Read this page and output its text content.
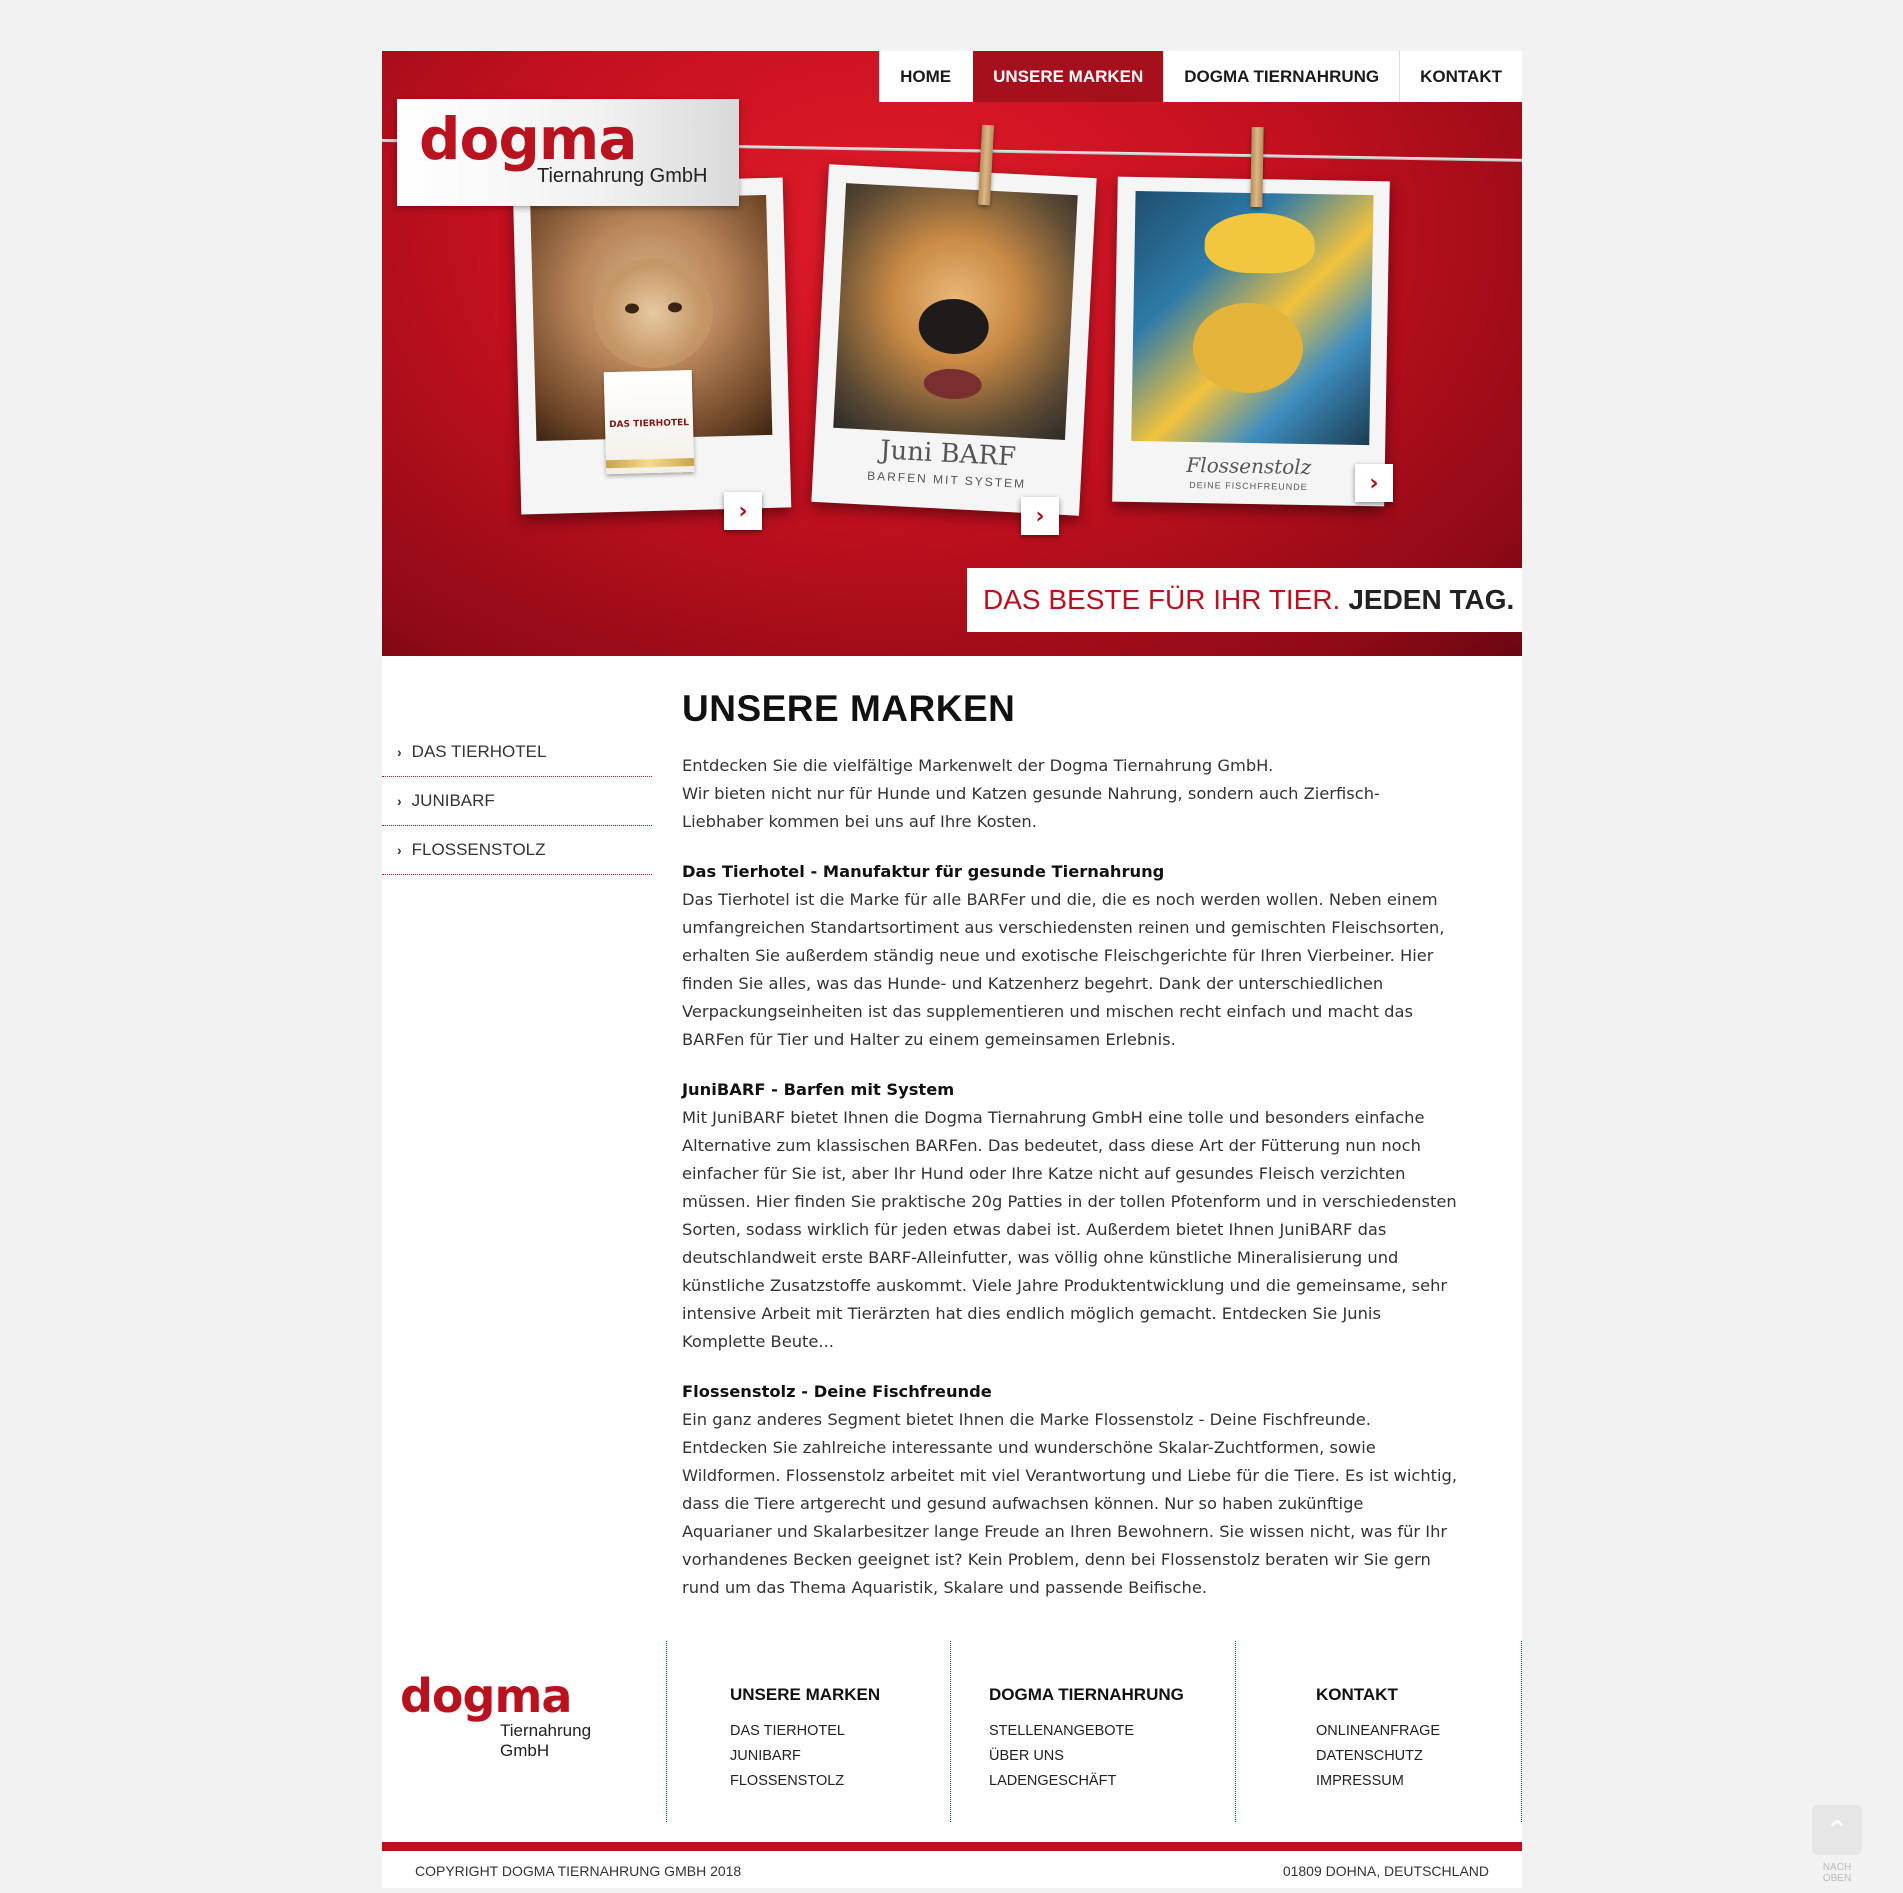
DAS TIERHOTEL
Juni BARF
BARFEN MIT SYSTEM
Flossenstolz
DEINE FISCHFREUNDE
›	›
›
dogma
Tiernahrung GmbH
HOME	UNSERE MARKEN	DOGMA TIERNAHRUNG	KONTAKT
DAS BESTE FÜR IHR TIER. JEDEN TAG.
› DAS TIERHOTEL
› JUNIBARF
› FLOSSENSTOLZ
UNSERE MARKEN

Entdecken Sie die vielfältige Markenwelt der Dogma Tiernahrung GmbH.
Wir bieten nicht nur für Hunde und Katzen gesunde Nahrung, sondern auch Zierfisch-
Liebhaber kommen bei uns auf Ihre Kosten.

Das Tierhotel - Manufaktur für gesunde Tiernahrung
Das Tierhotel ist die Marke für alle BARFer und die, die es noch werden wollen. Neben einem
umfangreichen Standartsortiment aus verschiedensten reinen und gemischten Fleischsorten,
erhalten Sie außerdem ständig neue und exotische Fleischgerichte für Ihren Vierbeiner. Hier
finden Sie alles, was das Hunde- und Katzenherz begehrt. Dank der unterschiedlichen
Verpackungseinheiten ist das supplementieren und mischen recht einfach und macht das
BARFen für Tier und Halter zu einem gemeinsamen Erlebnis.

JuniBARF - Barfen mit System
Mit JuniBARF bietet Ihnen die Dogma Tiernahrung GmbH eine tolle und besonders einfache
Alternative zum klassischen BARFen. Das bedeutet, dass diese Art der Fütterung nun noch
einfacher für Sie ist, aber Ihr Hund oder Ihre Katze nicht auf gesundes Fleisch verzichten
müssen. Hier finden Sie praktische 20g Patties in der tollen Pfotenform und in verschiedensten
Sorten, sodass wirklich für jeden etwas dabei ist. Außerdem bietet Ihnen JuniBARF das
deutschlandweit erste BARF-Alleinfutter, was völlig ohne künstliche Mineralisierung und
künstliche Zusatzstoffe auskommt. Viele Jahre Produktentwicklung und die gemeinsame, sehr
intensive Arbeit mit Tierärzten hat dies endlich möglich gemacht. Entdecken Sie Junis
Komplette Beute...

Flossenstolz - Deine Fischfreunde
Ein ganz anderes Segment bietet Ihnen die Marke Flossenstolz - Deine Fischfreunde.
Entdecken Sie zahlreiche interessante und wunderschöne Skalar-Zuchtformen, sowie
Wildformen. Flossenstolz arbeitet mit viel Verantwortung und Liebe für die Tiere. Es ist wichtig,
dass die Tiere artgerecht und gesund aufwachsen können. Nur so haben zukünftige
Aquarianer und Skalarbesitzer lange Freude an Ihren Bewohnern. Sie wissen nicht, was für Ihr
vorhandenes Becken geeignet ist? Kein Problem, denn bei Flossenstolz beraten wir Sie gern
rund um das Thema Aquaristik, Skalare und passende Beifische.

dogma
Tiernahrung GmbH
UNSERE MARKEN
DAS TIERHOTEL
JUNIBARF
FLOSSENSTOLZ
DOGMA TIERNAHRUNG
STELLENANGEBOTE
ÜBER UNS
LADENGESCHÄFT
KONTAKT
ONLINEANFRAGE
DATENSCHUTZ
IMPRESSUM
COPYRIGHT DOGMA TIERNAHRUNG GMBH 2018	01809 DOHNA, DEUTSCHLAND
⌃
NACH
OBEN
